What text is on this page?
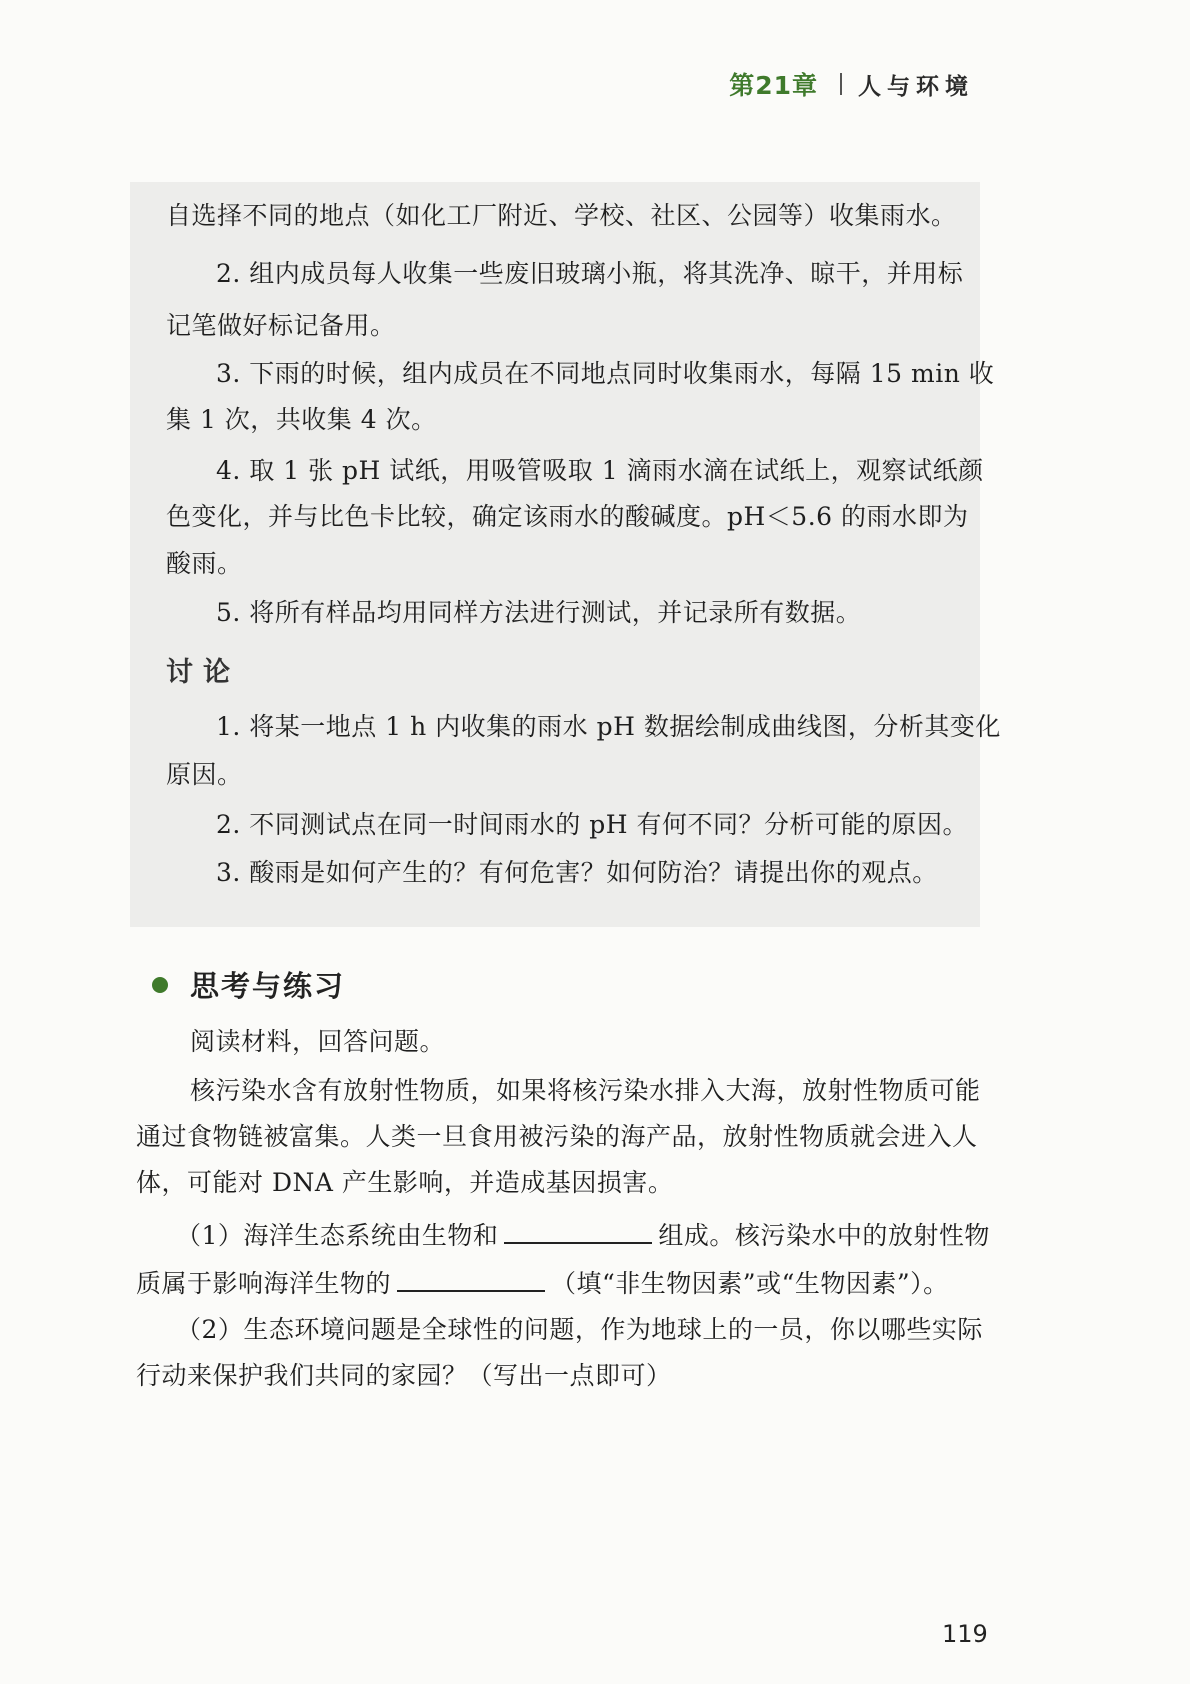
第21章 人与环境
自选择不同的地点（如化工厂附近、学校、社区、公园等）收集雨水。
2. 组内成员每人收集一些废旧玻璃小瓶，将其洗净、晾干，并用标
记笔做好标记备用。
3. 下雨的时候，组内成员在不同地点同时收集雨水，每隔 15 min 收
集 1 次，共收集 4 次。
4. 取 1 张 pH 试纸，用吸管吸取 1 滴雨水滴在试纸上，观察试纸颜
色变化，并与比色卡比较，确定该雨水的酸碱度。pH＜5.6 的雨水即为
酸雨。
5. 将所有样品均用同样方法进行测试，并记录所有数据。
讨论
1. 将某一地点 1 h 内收集的雨水 pH 数据绘制成曲线图，分析其变化
原因。
2. 不同测试点在同一时间雨水的 pH 有何不同？分析可能的原因。
3. 酸雨是如何产生的？有何危害？如何防治？请提出你的观点。
思考与练习
阅读材料，回答问题。
核污染水含有放射性物质，如果将核污染水排入大海，放射性物质可能
通过食物链被富集。人类一旦食用被污染的海产品，放射性物质就会进入人
体，可能对 DNA 产生影响，并造成基因损害。
（1）海洋生态系统由生物和	组成。核污染水中的放射性物
质属于影响海洋生物的	（填“非生物因素”或“生物因素”）。
（2）生态环境问题是全球性的问题，作为地球上的一员，你以哪些实际
行动来保护我们共同的家园？（写出一点即可）
119
